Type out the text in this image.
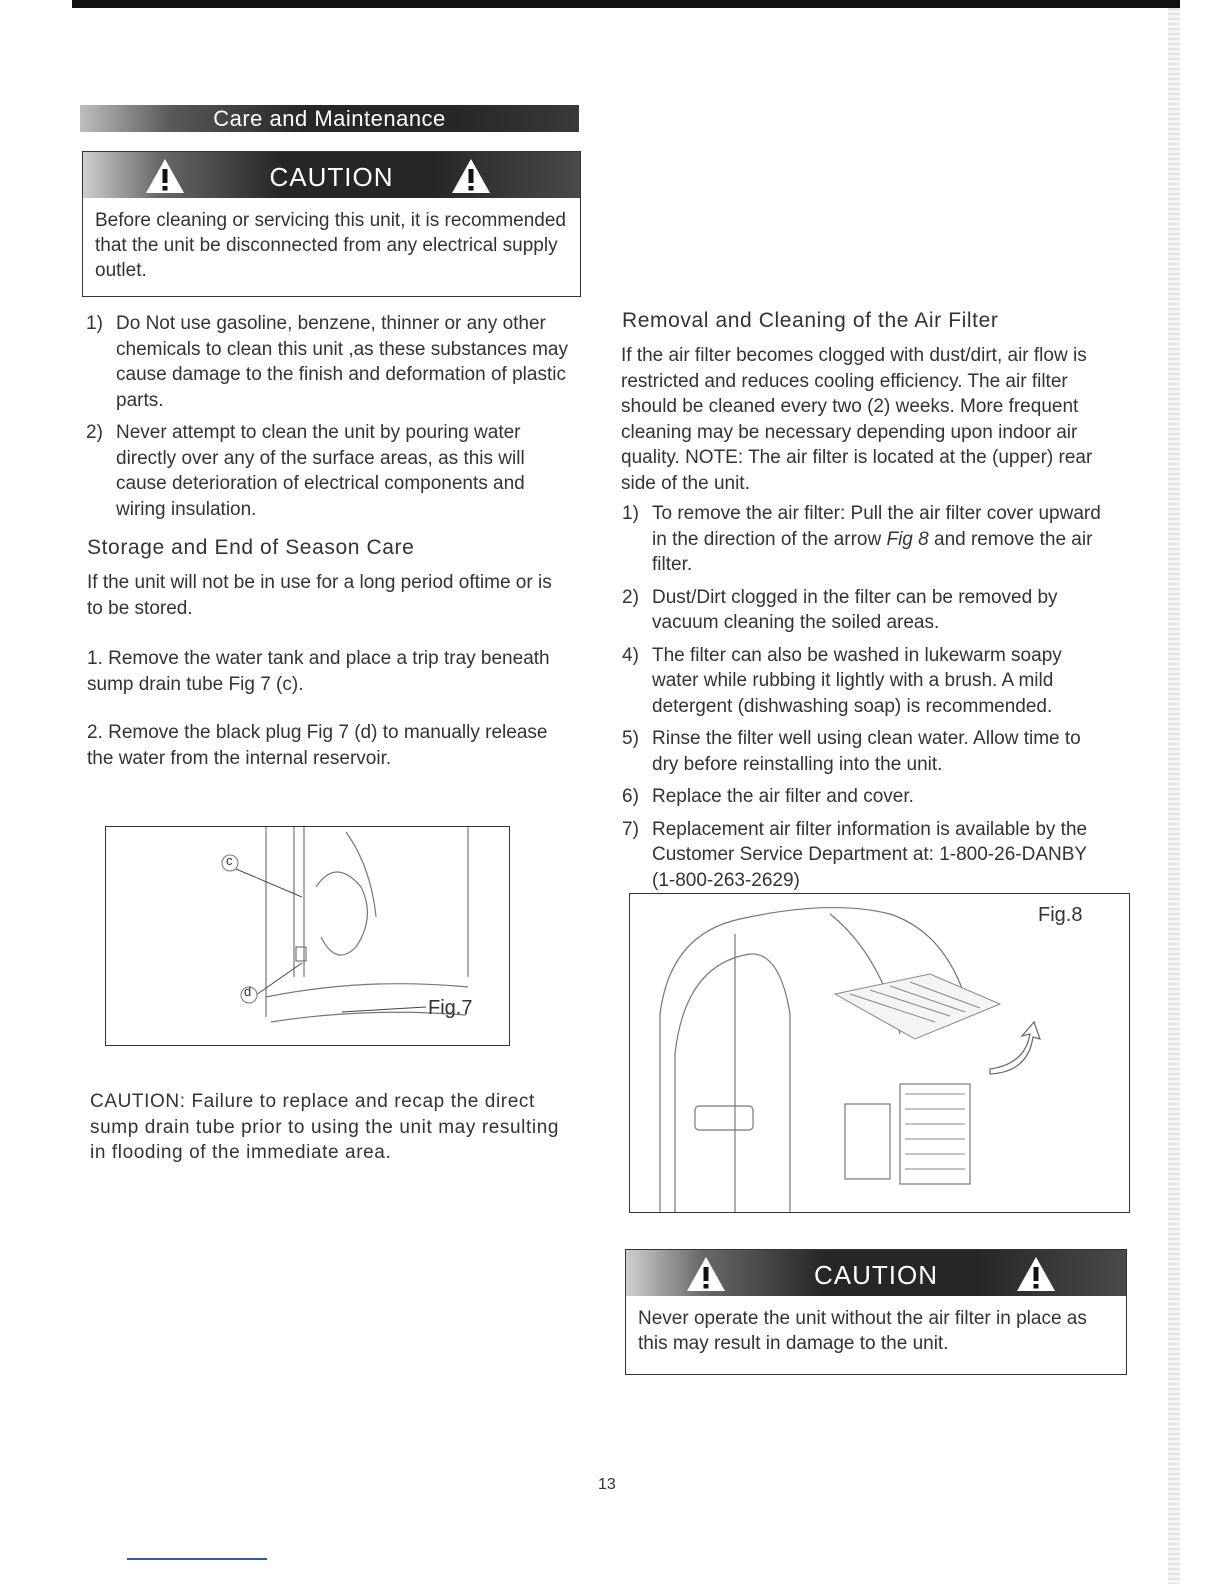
Care and Maintenance
CAUTION
Before cleaning or servicing this unit, it is recommended that the unit be disconnected from any electrical supply outlet.
1) Do Not use gasoline, benzene, thinner or any other chemicals to clean this unit ,as these substances may cause damage to the finish and deformation of plastic parts.
2) Never attempt to clean the unit by pouring water directly over any of the surface areas, as this will cause deterioration of electrical components and wiring insulation.
Storage and End of Season Care
If the unit will not be in use for a long period oftime or is to be stored.
1. Remove the water tank and place a trip tray beneath sump drain tube Fig 7 (c).
2. Remove the black plug Fig 7 (d) to manually release the water from the internal reservoir.
c
d
Fig.7
CAUTION: Failure to replace and recap the direct sump drain tube prior to using the unit may resulting in flooding of the immediate area.
Removal and Cleaning of the Air Filter
If the air filter becomes clogged with dust/dirt, air flow is restricted and reduces cooling efficiency. The air filter should be cleaned every two (2) weeks. More frequent cleaning may be necessary depending upon indoor air quality. NOTE: The air filter is located at the (upper) rear side of the unit.
1) To remove the air filter: Pull the air filter cover upward in the direction of the arrow Fig 8 and remove the air filter.
2) Dust/Dirt clogged in the filter can be removed by vacuum cleaning the soiled areas.
4) The filter can also be washed in lukewarm soapy water while rubbing it lightly with a brush. A mild detergent (dishwashing soap) is recommended.
5) Rinse the filter well using clean water. Allow time to dry before reinstalling into the unit.
6) Replace the air filter and cover.
7) Replacement air filter information is available by the Customer Service Department at: 1-800-26-DANBY (1-800-263-2629)
Fig.8
CAUTION
Never operate the unit without the air filter in place as this may result in damage to the unit.
13
